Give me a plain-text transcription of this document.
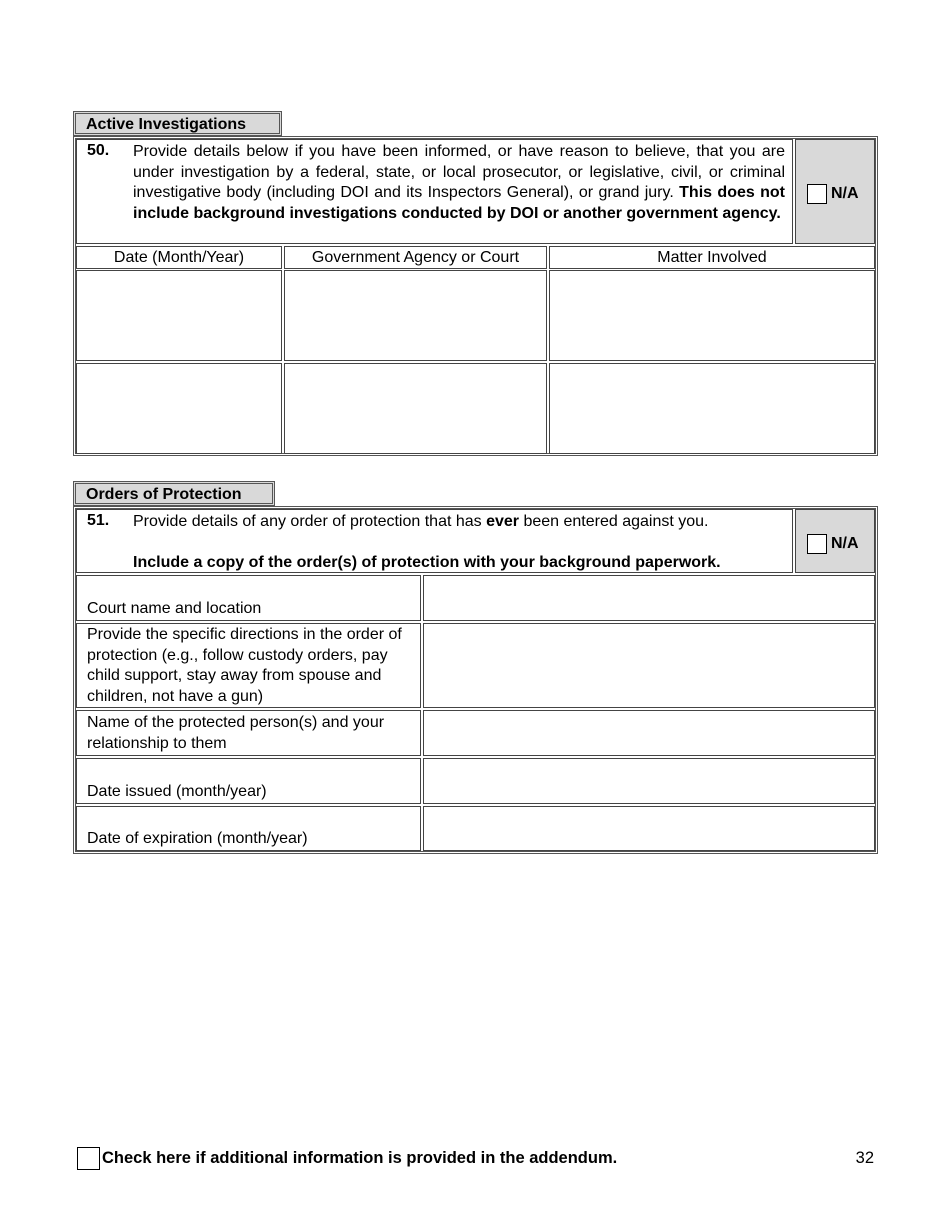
Active Investigations
50. Provide details below if you have been informed, or have reason to believe, that you are under investigation by a federal, state, or local prosecutor, or legislative, civil, or criminal investigative body (including DOI and its Inspectors General), or grand jury. This does not include background investigations conducted by DOI or another government agency.
N/A
Date (Month/Year)	Government Agency or Court	Matter Involved
Orders of Protection
51. Provide details of any order of protection that has ever been entered against you.
Include a copy of the order(s) of protection with your background paperwork.
N/A
Court name and location
Provide the specific directions in the order of protection (e.g., follow custody orders, pay child support, stay away from spouse and children, not have a gun)
Name of the protected person(s) and your relationship to them
Date issued (month/year)
Date of expiration (month/year)
Check here if additional information is provided in the addendum.	32
